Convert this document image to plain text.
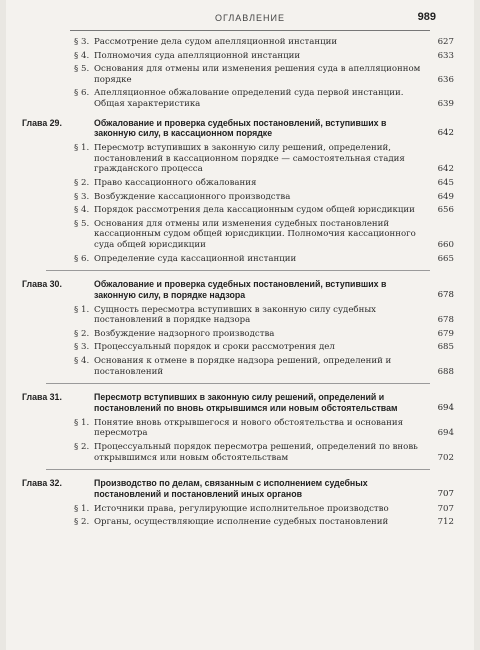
ОГЛАВЛЕНИЕ	989
§ 3. Рассмотрение дела судом апелляционной инстанции	627
§ 4. Полномочия суда апелляционной инстанции	633
§ 5. Основания для отмены или изменения решения суда в апелляционном порядке	636
§ 6. Апелляционное обжалование определений суда первой инстанции. Общая характеристика	639
Глава 29.	Обжалование и проверка судебных постановлений, вступивших в законную силу, в кассационном порядке	642
§ 1. Пересмотр вступивших в законную силу решений, определений, постановлений в кассационном порядке — самостоятельная стадия гражданского процесса	642
§ 2. Право кассационного обжалования	645
§ 3. Возбуждение кассационного производства	649
§ 4. Порядок рассмотрения дела кассационным судом общей юрисдикции	656
§ 5. Основания для отмены или изменения судебных постановлений кассационным судом общей юрисдикции. Полномочия кассационного суда общей юрисдикции	660
§ 6. Определение суда кассационной инстанции	665
Глава 30.	Обжалование и проверка судебных постановлений, вступивших в законную силу, в порядке надзора	678
§ 1. Сущность пересмотра вступивших в законную силу судебных постановлений в порядке надзора	678
§ 2. Возбуждение надзорного производства	679
§ 3. Процессуальный порядок и сроки рассмотрения дел	685
§ 4. Основания к отмене в порядке надзора решений, определений и постановлений	688
Глава 31.	Пересмотр вступивших в законную силу решений, определений и постановлений по вновь открывшимся или новым обстоятельствам	694
§ 1. Понятие вновь открывшегося и нового обстоятельства и основания пересмотра	694
§ 2. Процессуальный порядок пересмотра решений, определений по вновь открывшимся или новым обстоятельствам	702
Глава 32.	Производство по делам, связанным с исполнением судебных постановлений и постановлений иных органов	707
§ 1. Источники права, регулирующие исполнительное производство	707
§ 2. Органы, осуществляющие исполнение судебных постановлений	712
